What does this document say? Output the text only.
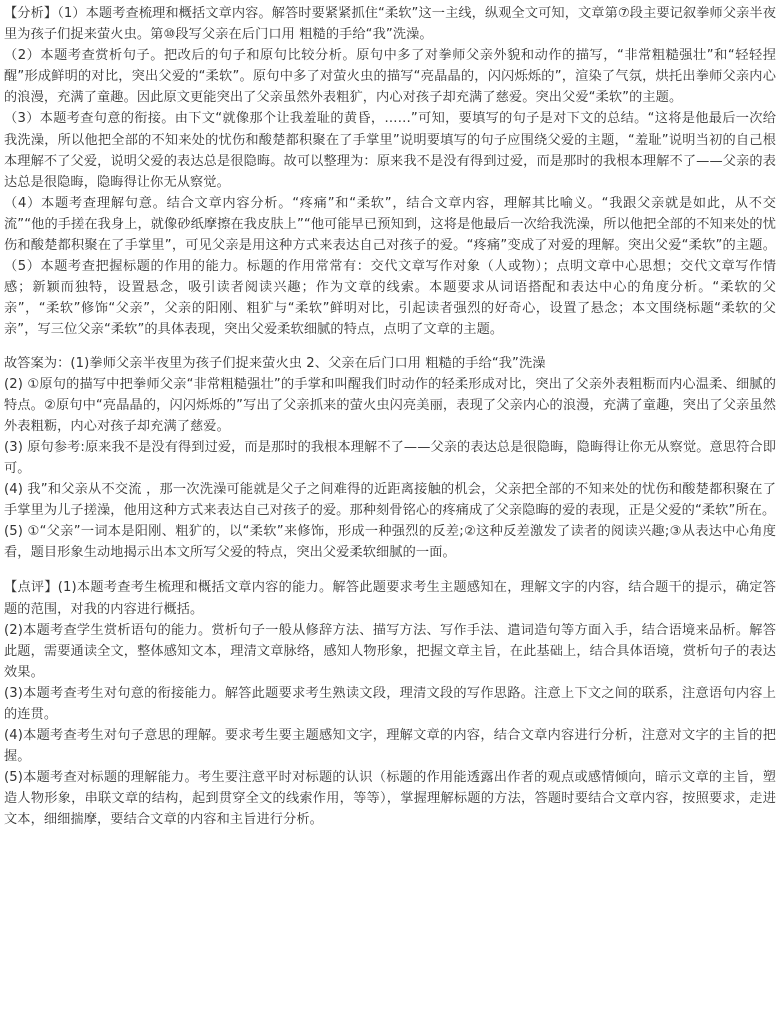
【分析】（1）本题考查梳理和概括文章内容。解答时要紧紧抓住“柔软”这一主线，纵观全文可知，文章第⑦段主要记叙拳师父亲半夜里为孩子们捉来萤火虫。第⑩段写父亲在后门口用 粗糙的手给“我”洗澡。

（2）本题考查赏析句子。把改后的句子和原句比较分析。原句中多了对拳师父亲外貌和动作的描写，“非常粗糙强壮”和“轻轻捏醒”形成鲜明的对比，突出父爱的“柔软”。原句中多了对萤火虫的描写“亮晶晶的，闪闪烁烁的”，渲染了气氛，烘托出拳师父亲内心的浪漫，充满了童趣。因此原文更能突出了父亲虽然外表粗犷，内心对孩子却充满了慈爱。突出父爱“柔软”的主题。

（3）本题考查句意的衔接。由下文“就像那个让我羞耻的黄昏，……”可知，要填写的句子是对下文的总结。“这将是他最后一次给我洗澡，所以他把全部的不知来处的忧伤和酸楚都积聚在了手掌里”说明要填写的句子应围绕父爱的主题，“羞耻”说明当初的自己根本理解不了父爱，说明父爱的表达总是很隐晦。故可以整理为：原来我不是没有得到过爱，而是那时的我根本理解不了——父亲的表达总是很隐晦，隐晦得让你无从察觉。

（4）本题考查理解句意。结合文章内容分析。“疼痛”和“柔软”，结合文章内容，理解其比喻义。“我跟父亲就是如此，从不交流”“他的手搓在我身上，就像砂纸摩擦在我皮肤上”“他可能早已预知到，这将是他最后一次给我洗澡，所以他把全部的不知来处的忧伤和酸楚都积聚在了手掌里”，可见父亲是用这种方式来表达自己对孩子的爱。“疼痛”变成了对爱的理解。突出父爱“柔软”的主题。（5）本题考查把握标题的作用的能力。标题的作用常常有：交代文章写作对象（人或物）；点明文章中心思想；交代文章写作情感；新颖而独特，设置悬念，吸引读者阅读兴趣；作为文章的线索。本题要求从词语搭配和表达中心的角度分析。“柔软的父亲”，“柔软”修饰“父亲”，父亲的阳刚、粗犷与“柔软”鲜明对比，引起读者强烈的好奇心，设置了悬念；本文围绕标题“柔软的父亲”，写三位父亲“柔软”的具体表现，突出父爱柔软细腻的特点，点明了文章的主题。

故答案为：(1)拳师父亲半夜里为孩子们捉来萤火虫 2、父亲在后门口用 粗糙的手给“我”洗澡

(2) ①原句的描写中把拳师父亲“非常粗糙强壮”的手掌和叫醒我们时动作的轻柔形成对比，突出了父亲外表粗粝而内心温柔、细腻的特点。②原句中“亮晶晶的，闪闪烁烁的”写出了父亲抓来的萤火虫闪亮美丽，表现了父亲内心的浪漫，充满了童趣，突出了父亲虽然外表粗粝，内心对孩子却充满了慈爱。

(3) 原句参考:原来我不是没有得到过爱，而是那时的我根本理解不了——父亲的表达总是很隐晦，隐晦得让你无从察觉。意思符合即可。

(4) 我”和父亲从不交流 ，那一次洗澡可能就是父子之间难得的近距离接触的机会，父亲把全部的不知来处的忧伤和酸楚都积聚在了手掌里为儿子搓澡，他用这种方式来表达自己对孩子的爱。那种刻骨铭心的疼痛成了父亲隐晦的爱的表现，正是父爱的“柔软”所在。

(5) ①“父亲”一词本是阳刚、粗犷的，以“柔软”来修饰，形成一种强烈的反差;②这种反差激发了读者的阅读兴趣;③从表达中心角度看，题目形象生动地揭示出本文所写父爱的特点，突出父爱柔软细腻的一面。

【点评】(1)本题考查考生梳理和概括文章内容的能力。解答此题要求考生主题感知在，理解文字的内容，结合题干的提示，确定答题的范围，对我的内容进行概括。

(2)本题考查学生赏析语句的能力。赏析句子一般从修辞方法、描写方法、写作手法、遣词造句等方面入手，结合语境来品析。解答此题，需要通读全文，整体感知文本，理清文章脉络，感知人物形象，把握文章主旨，在此基础上，结合具体语境，赏析句子的表达效果。

(3)本题考查考生对句意的衔接能力。解答此题要求考生熟读文段，理清文段的写作思路。注意上下文之间的联系，注意语句内容上的连贯。

(4)本题考查考生对句子意思的理解。要求考生要主题感知文字，理解文章的内容，结合文章内容进行分析，注意对文字的主旨的把握。

(5)本题考查对标题的理解能力。考生要注意平时对标题的认识（标题的作用能透露出作者的观点或感情倾向，暗示文章的主旨，塑造人物形象，串联文章的结构，起到贯穿全文的线索作用，等等），掌握理解标题的方法，答题时要结合文章内容，按照要求，走进文本，细细揣摩，要结合文章的内容和主旨进行分析。
